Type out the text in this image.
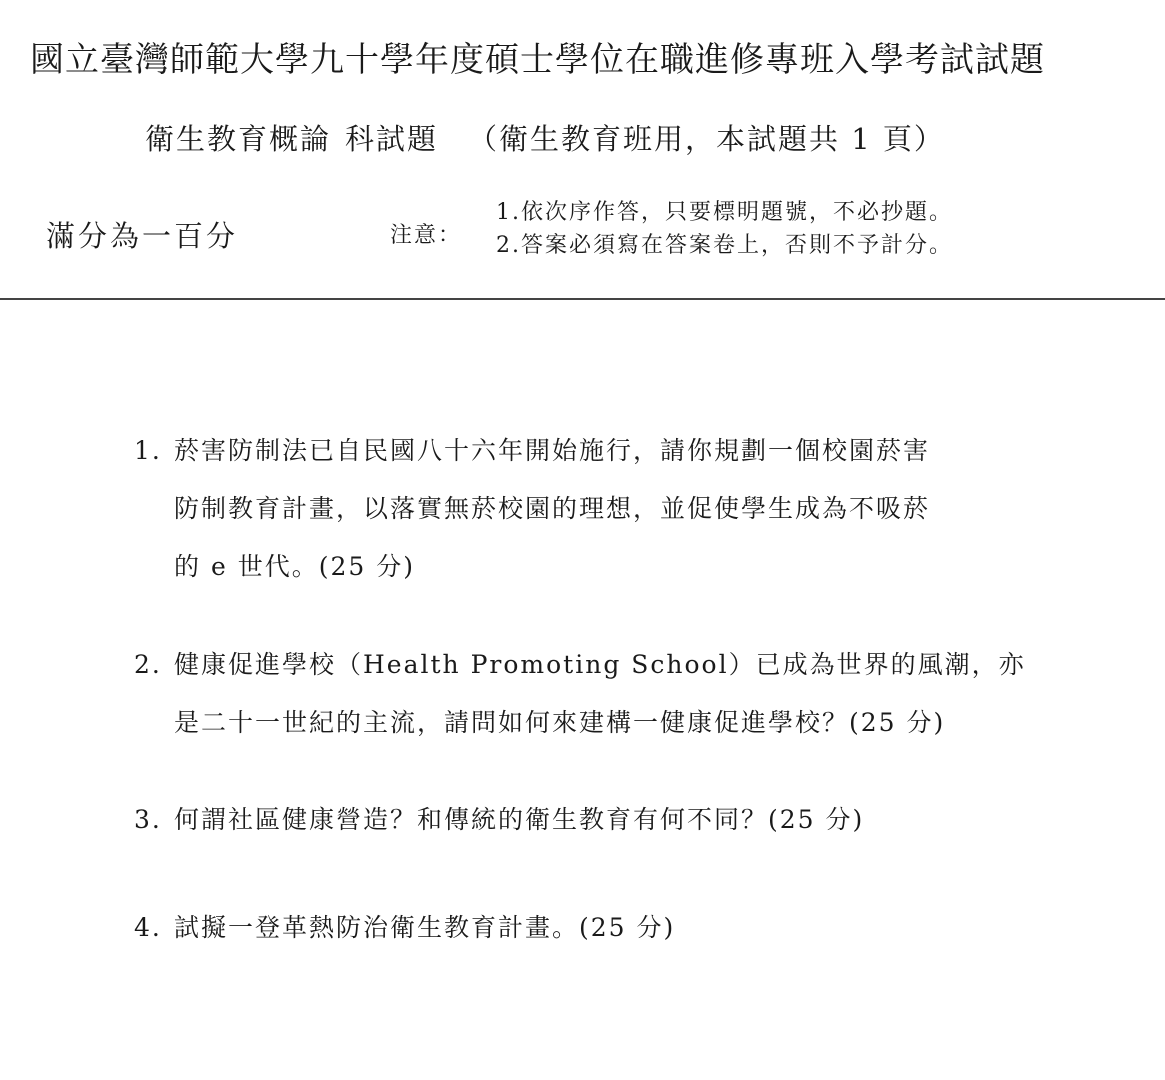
國立臺灣師範大學九十學年度碩士學位在職進修專班入學考試試題
衛生教育概論 科試題 （衛生教育班用，本試題共 1 頁）
滿分為一百分	注意：
1.依次序作答，只要標明題號，不必抄題。
2.答案必須寫在答案卷上，否則不予計分。
1. 菸害防制法已自民國八十六年開始施行，請你規劃一個校園菸害
防制教育計畫，以落實無菸校園的理想，並促使學生成為不吸菸
的 e 世代。(25 分)
2. 健康促進學校（Health Promoting School）已成為世界的風潮，亦
是二十一世紀的主流，請問如何來建構一健康促進學校？(25 分)
3. 何謂社區健康營造？和傳統的衛生教育有何不同？(25 分)
4. 試擬一登革熱防治衛生教育計畫。(25 分)
